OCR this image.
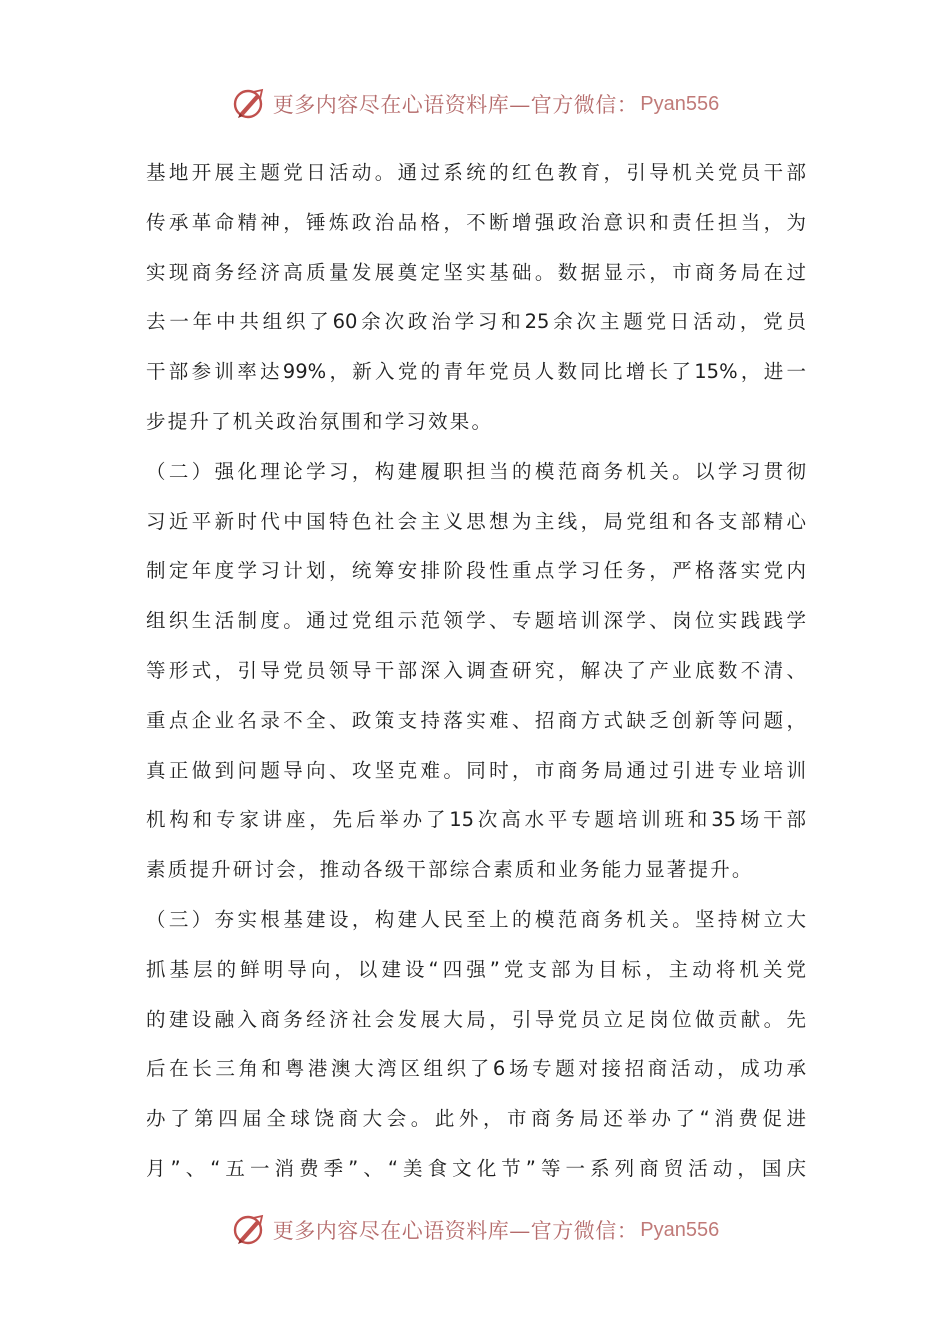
更多内容尽在心语资料库—官方微信： Pyan556
基地开展主题党日活动。通过系统的红色教育，引导机关党员干部
传承革命精神，锤炼政治品格，不断增强政治意识和责任担当，为
实现商务经济高质量发展奠定坚实基础。数据显示，市商务局在过
去一年中共组织了60余次政治学习和25余次主题党日活动，党员
干部参训率达99%，新入党的青年党员人数同比增长了15%，进一
步提升了机关政治氛围和学习效果。
（二）强化理论学习，构建履职担当的模范商务机关。以学习贯彻
习近平新时代中国特色社会主义思想为主线，局党组和各支部精心
制定年度学习计划，统筹安排阶段性重点学习任务，严格落实党内
组织生活制度。通过党组示范领学、专题培训深学、岗位实践践学
等形式，引导党员领导干部深入调查研究，解决了产业底数不清、
重点企业名录不全、政策支持落实难、招商方式缺乏创新等问题，
真正做到问题导向、攻坚克难。同时，市商务局通过引进专业培训
机构和专家讲座，先后举办了15次高水平专题培训班和35场干部
素质提升研讨会，推动各级干部综合素质和业务能力显著提升。
（三）夯实根基建设，构建人民至上的模范商务机关。坚持树立大
抓基层的鲜明导向，以建设“四强”党支部为目标，主动将机关党
的建设融入商务经济社会发展大局，引导党员立足岗位做贡献。先
后在长三角和粤港澳大湾区组织了6场专题对接招商活动，成功承
办了第四届全球饶商大会。此外，市商务局还举办了“消费促进
月”、“五一消费季”、“美食文化节”等一系列商贸活动，国庆
更多内容尽在心语资料库—官方微信： Pyan556
